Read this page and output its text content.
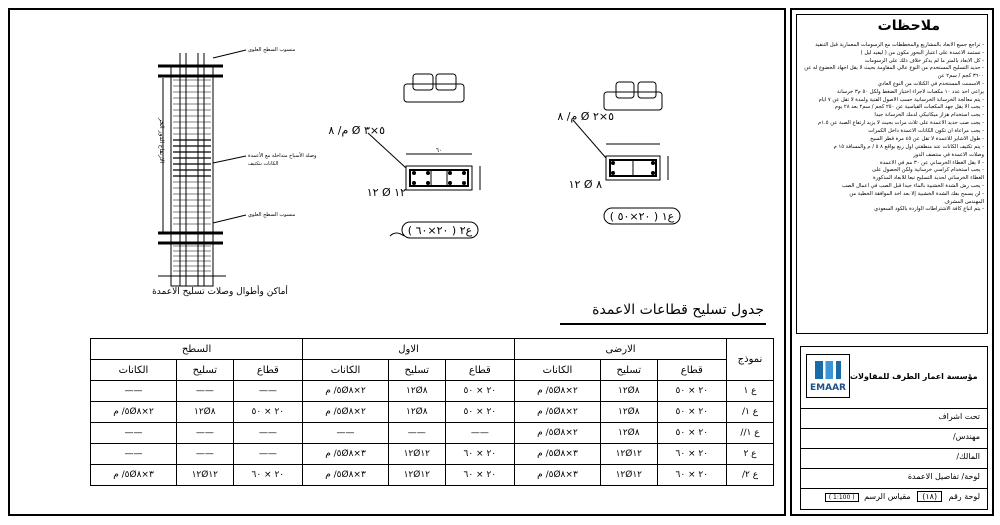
ملاحظات
- تراجع جميع الأبعاد بالمشاريع والمخططات مع الرسومات المعمارية قبل التنفيذ
- تستمد الأعمدة على اعتبار البحور مكون من ( ليفيد ليل )
- كل الأبعاد بالمتر ما لم يذكر خلاف ذلك على الرسومات
- حديد التسليح المستخدم من النوع عالي المقاومة بحيث لا يقل اجهاد الخضوع له عن
٣٦٠٠ كجم / سم٢ عن
- الاسمنت المستخدم في الكتلات من النوع العادي
يراعى أخذ عدد ١٠ مكعبات لأجراء اختبار الضغط ولكل ٥٠ م٣ خرسانة
- يتم معالجة الخرسانة الخرسانية حسب الأصول الفنية ولمدة لا تقل عن ٧ أيام
- يجب الا يقل جهد المكعبات القياسية عن ٢٥٠ كجم / سم٢ بعد ٢٨ يوم
- يجب استخدام هزاز ميكانيكي لدمك الخرسانة جيدا
- يجب صب حديد الأعمدة على ثلاث مرات بحيث لا يزيد ارتفاع الصبة عن ١.٥م
- يجب مراعاة ان تكون الكانات الأعمدة داخل الكمرات
- طول الأشاير للاعمدة لا تقل عن ٤٥ مرة قطر السيخ
- يتم تكثيف الكانات عند منطقتي أول ربع بواقع ٨ ٥ / م والمسافة ١٥ م
وصلات الأعمدة في منتصف الدور
- لا يقل الغطاء الخرساني عن ٣٠ مم في الأعمدة
- يجب استخدام كراسي خرسانية ولكن الحصول على
الغطاء الخرساني لحديد التسليح تبعا للأبعاد المذكورة
- يجب رش الشدة الخشبية بالماء جيدا قبل الصب في أعمال الصب
- لن يسمح بفك الشدة الخشبية إلا بعد أخذ الموافقة الخطية من
المهندس المشرف
- يتم اتباع كافة الاشتراطات الواردة بالكود السعودي
EMAAR
مؤسسة اعمار الطرف للمقاولات
تحت اشراف
مهندس/
المالك/
لوحة/ تفاصيل الاعمدة
لوحة رقم (١٨) مقياس الرسم ( 1:100 )
أماكن وأطوال وصلات تسليح الاعمدة
منسوب السطح العلوي
وصلة الأسياخ متداخلة مع الأعمدة
الكانات بتكثيف
منسوب السطح العلوي
الارتفاع الدور الحر	م/ ٨ Ø ٥×٣
١٢ Ø ١٢
٦٠
ع٢ ( ٢٠×٦٠ )
م/ ٨ Ø ٥×٢
١٢ Ø ٨
ع١ ( ٢٠×٥٠ )
جدول تسليح قطاعات الاعمدة
نموذج	الارضى			الاول			السطح		
	قطاع	تسليح	الكانات	قطاع	تسليح	الكانات	قطاع	تسليح	الكانات
ع ١	٢٠ × ٥٠	١٢Ø٨	٢×٥Ø٨/ م	٢٠ × ٥٠	١٢Ø٨	٢×٥Ø٨/ م	——	——	——
ع ١/	٢٠ × ٥٠	١٢Ø٨	٢×٥Ø٨/ م	٢٠ × ٥٠	١٢Ø٨	٢×٥Ø٨/ م	٢٠ × ٥٠	١٢Ø٨	٢×٥Ø٨/ م
ع ١//	٢٠ × ٥٠	١٢Ø٨	٢×٥Ø٨/ م	——	——	——	——	——	——
ع ٢	٢٠ × ٦٠	١٢Ø١٢	٣×٥Ø٨/ م	٢٠ × ٦٠	١٢Ø١٢	٣×٥Ø٨/ م	——	——	——
ع ٢/	٢٠ × ٦٠	١٢Ø١٢	٣×٥Ø٨/ م	٢٠ × ٦٠	١٢Ø١٢	٣×٥Ø٨/ م	٢٠ × ٦٠	١٢Ø١٢	٣×٥Ø٨/ م
